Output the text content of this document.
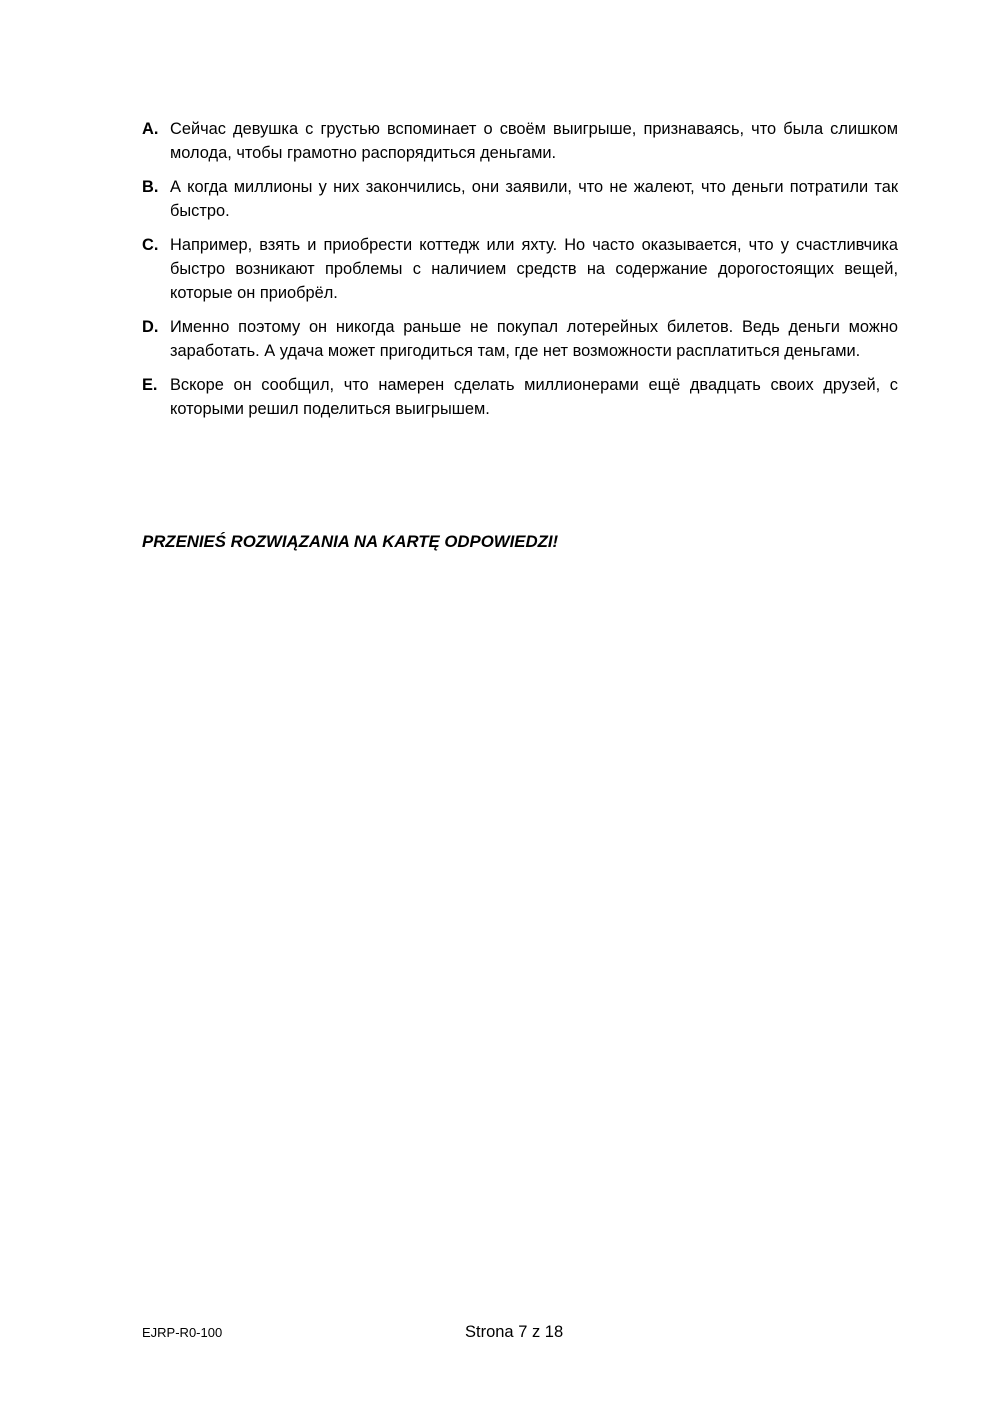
A. Сейчас девушка с грустью вспоминает о своём выигрыше, признаваясь, что была слишком молода, чтобы грамотно распорядиться деньгами.
B. А когда миллионы у них закончились, они заявили, что не жалеют, что деньги потратили так быстро.
C. Например, взять и приобрести коттедж или яхту. Но часто оказывается, что у счастливчика быстро возникают проблемы с наличием средств на содержание дорогостоящих вещей, которые он приобрёл.
D. Именно поэтому он никогда раньше не покупал лотерейных билетов. Ведь деньги можно заработать. А удача может пригодиться там, где нет возможности расплатиться деньгами.
E. Вскоре он сообщил, что намерен сделать миллионерами ещё двадцать своих друзей, с которыми решил поделиться выигрышем.
PRZENIEŚ ROZWIĄZANIA NA KARTĘ ODPOWIEDZI!
EJRP-R0-100	Strona 7 z 18
